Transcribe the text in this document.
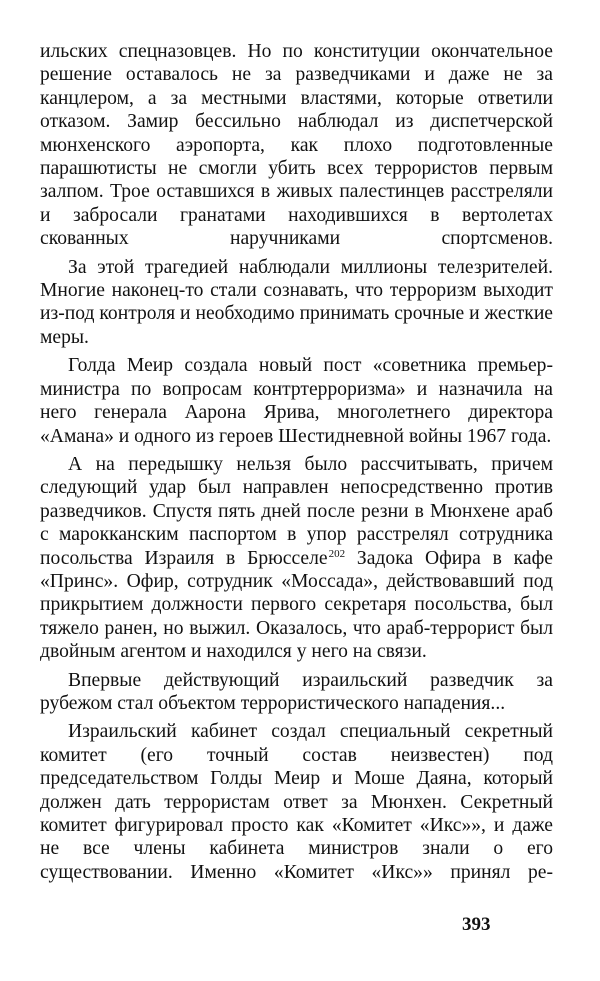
ильских спецназовцев. Но по конституции окончательное решение оставалось не за разведчиками и даже не за канцлером, а за местными властями, которые ответили отказом. Замир бессильно наблюдал из диспетчерской мюнхенского аэропорта, как плохо подготовленные парашютисты не смогли убить всех террористов первым залпом. Трое оставшихся в живых палестинцев расстреляли и забросали гранатами находившихся в вертолетах скованных наручниками спортсменов.

За этой трагедией наблюдали миллионы телезрителей. Многие наконец-то стали сознавать, что терроризм выходит из-под контроля и необходимо принимать срочные и жесткие меры.

Голда Меир создала новый пост «советника премьер-министра по вопросам контртерроризма» и назначила на него генерала Аарона Ярива, многолетнего директора «Амана» и одного из героев Шестидневной войны 1967 года.

А на передышку нельзя было рассчитывать, причем следующий удар был направлен непосредственно против разведчиков. Спустя пять дней после резни в Мюнхене араб с марокканским паспортом в упор расстрелял сотрудника посольства Израиля в Брюсселе$^{202}$ Задока Офира в кафе «Принс». Офир, сотрудник «Моссада», действовавший под прикрытием должности первого секретаря посольства, был тяжело ранен, но выжил. Оказалось, что араб-террорист был двойным агентом и находился у него на связи.

Впервые действующий израильский разведчик за рубежом стал объектом террористического нападения...

Израильский кабинет создал специальный секретный комитет (его точный состав неизвестен) под председательством Голды Меир и Моше Даяна, который должен дать террористам ответ за Мюнхен. Секретный комитет фигурировал просто как «Комитет «Икс»», и даже не все члены кабинета министров знали о его существовании. Именно «Комитет «Икс»» принял ре-

393
